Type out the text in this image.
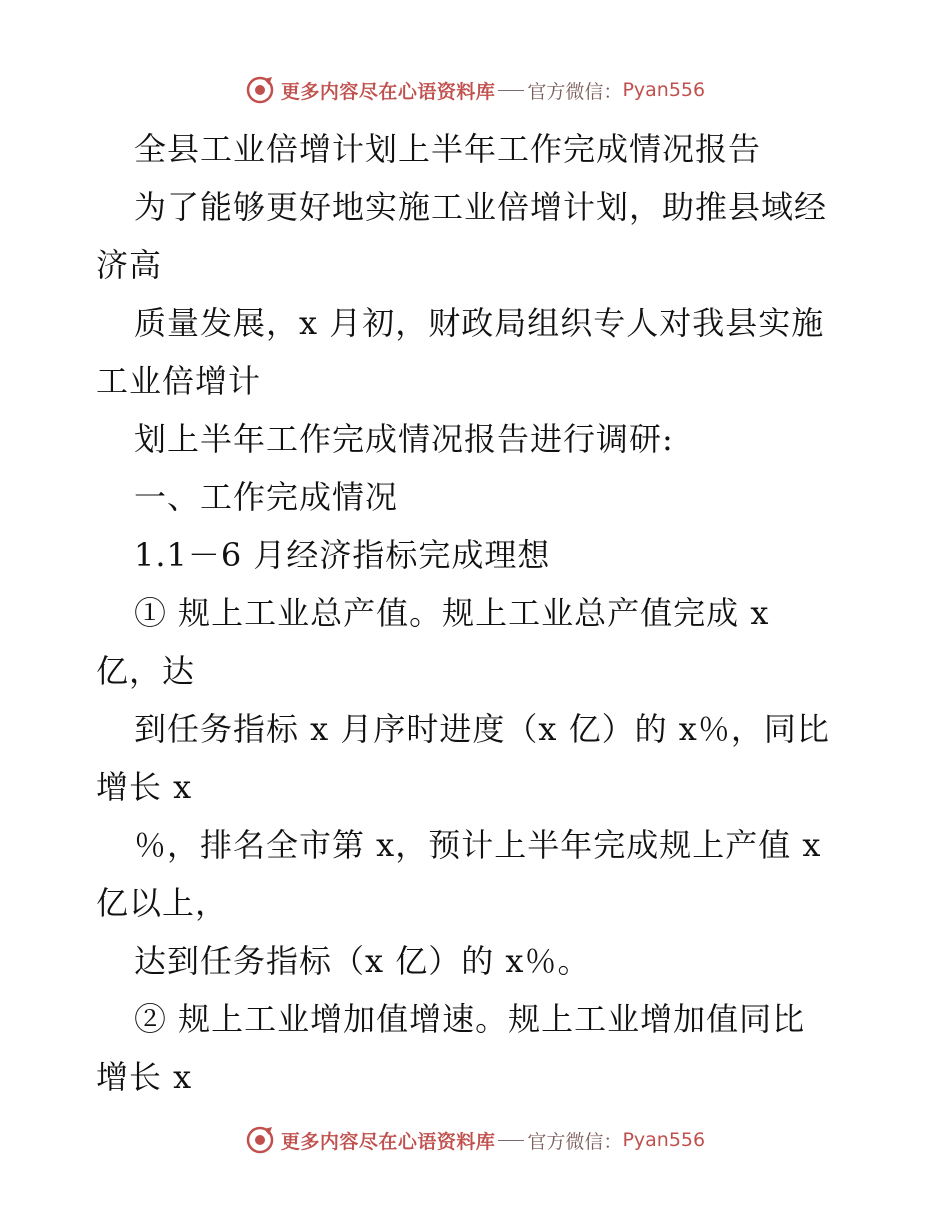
更多内容尽在心语资料库 官方微信： Pyan556
全县工业倍增计划上半年工作完成情况报告
为了能够更好地实施工业倍增计划，助推县域经
济高
质量发展，x 月初，财政局组织专人对我县实施
工业倍增计
划上半年工作完成情况报告进行调研:
一、工作完成情况
1.1－6 月经济指标完成理想
① 规上工业总产值。规上工业总产值完成 x
亿，达
到任务指标 x 月序时进度（x 亿）的 x％，同比
增长 x
％，排名全市第 x，预计上半年完成规上产值 x
亿以上，
达到任务指标（x 亿）的 x％。
② 规上工业增加值增速。规上工业增加值同比
增长 x
更多内容尽在心语资料库 官方微信： Pyan556
